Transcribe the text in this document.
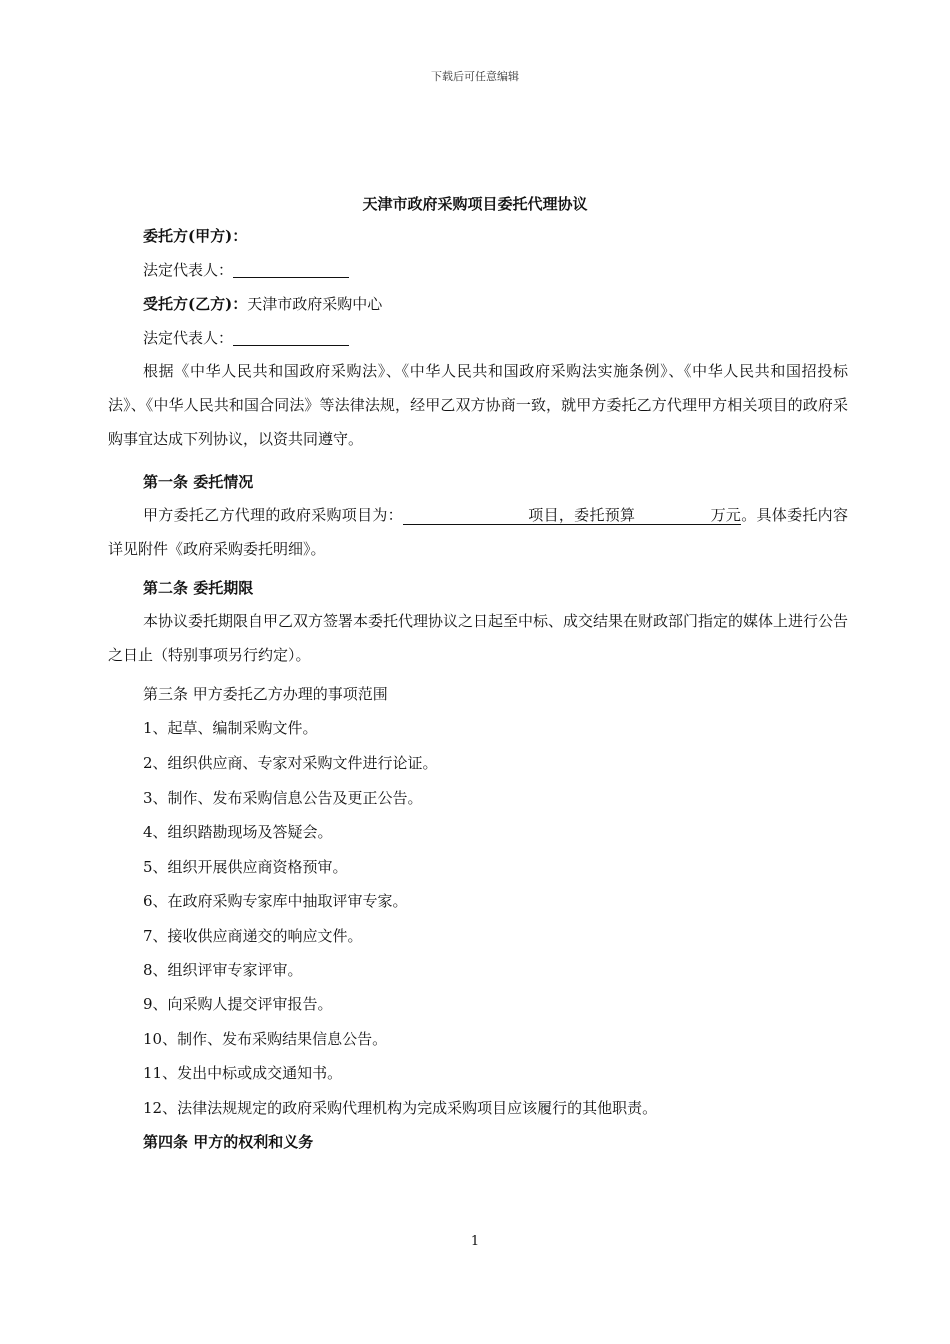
下载后可任意编辑
天津市政府采购项目委托代理协议
委托方(甲方)：
法定代表人：
受托方(乙方)：天津市政府采购中心
法定代表人：
根据《中华人民共和国政府采购法》、《中华人民共和国政府采购法实施条例》、《中华人民共和国招投标法》、《中华人民共和国合同法》等法律法规，经甲乙双方协商一致，就甲方委托乙方代理甲方相关项目的政府采购事宜达成下列协议，以资共同遵守。
第一条 委托情况
甲方委托乙方代理的政府采购项目为：	项目，委托预算	万元。具体委托内容详见附件《政府采购委托明细》。
第二条 委托期限
本协议委托期限自甲乙双方签署本委托代理协议之日起至中标、成交结果在财政部门指定的媒体上进行公告之日止（特别事项另行约定）。
第三条 甲方委托乙方办理的事项范围
1、起草、编制采购文件。
2、组织供应商、专家对采购文件进行论证。
3、制作、发布采购信息公告及更正公告。
4、组织踏勘现场及答疑会。
5、组织开展供应商资格预审。
6、在政府采购专家库中抽取评审专家。
7、接收供应商递交的响应文件。
8、组织评审专家评审。
9、向采购人提交评审报告。
10、制作、发布采购结果信息公告。
11、发出中标或成交通知书。
12、法律法规规定的政府采购代理机构为完成采购项目应该履行的其他职责。
第四条 甲方的权利和义务
1
